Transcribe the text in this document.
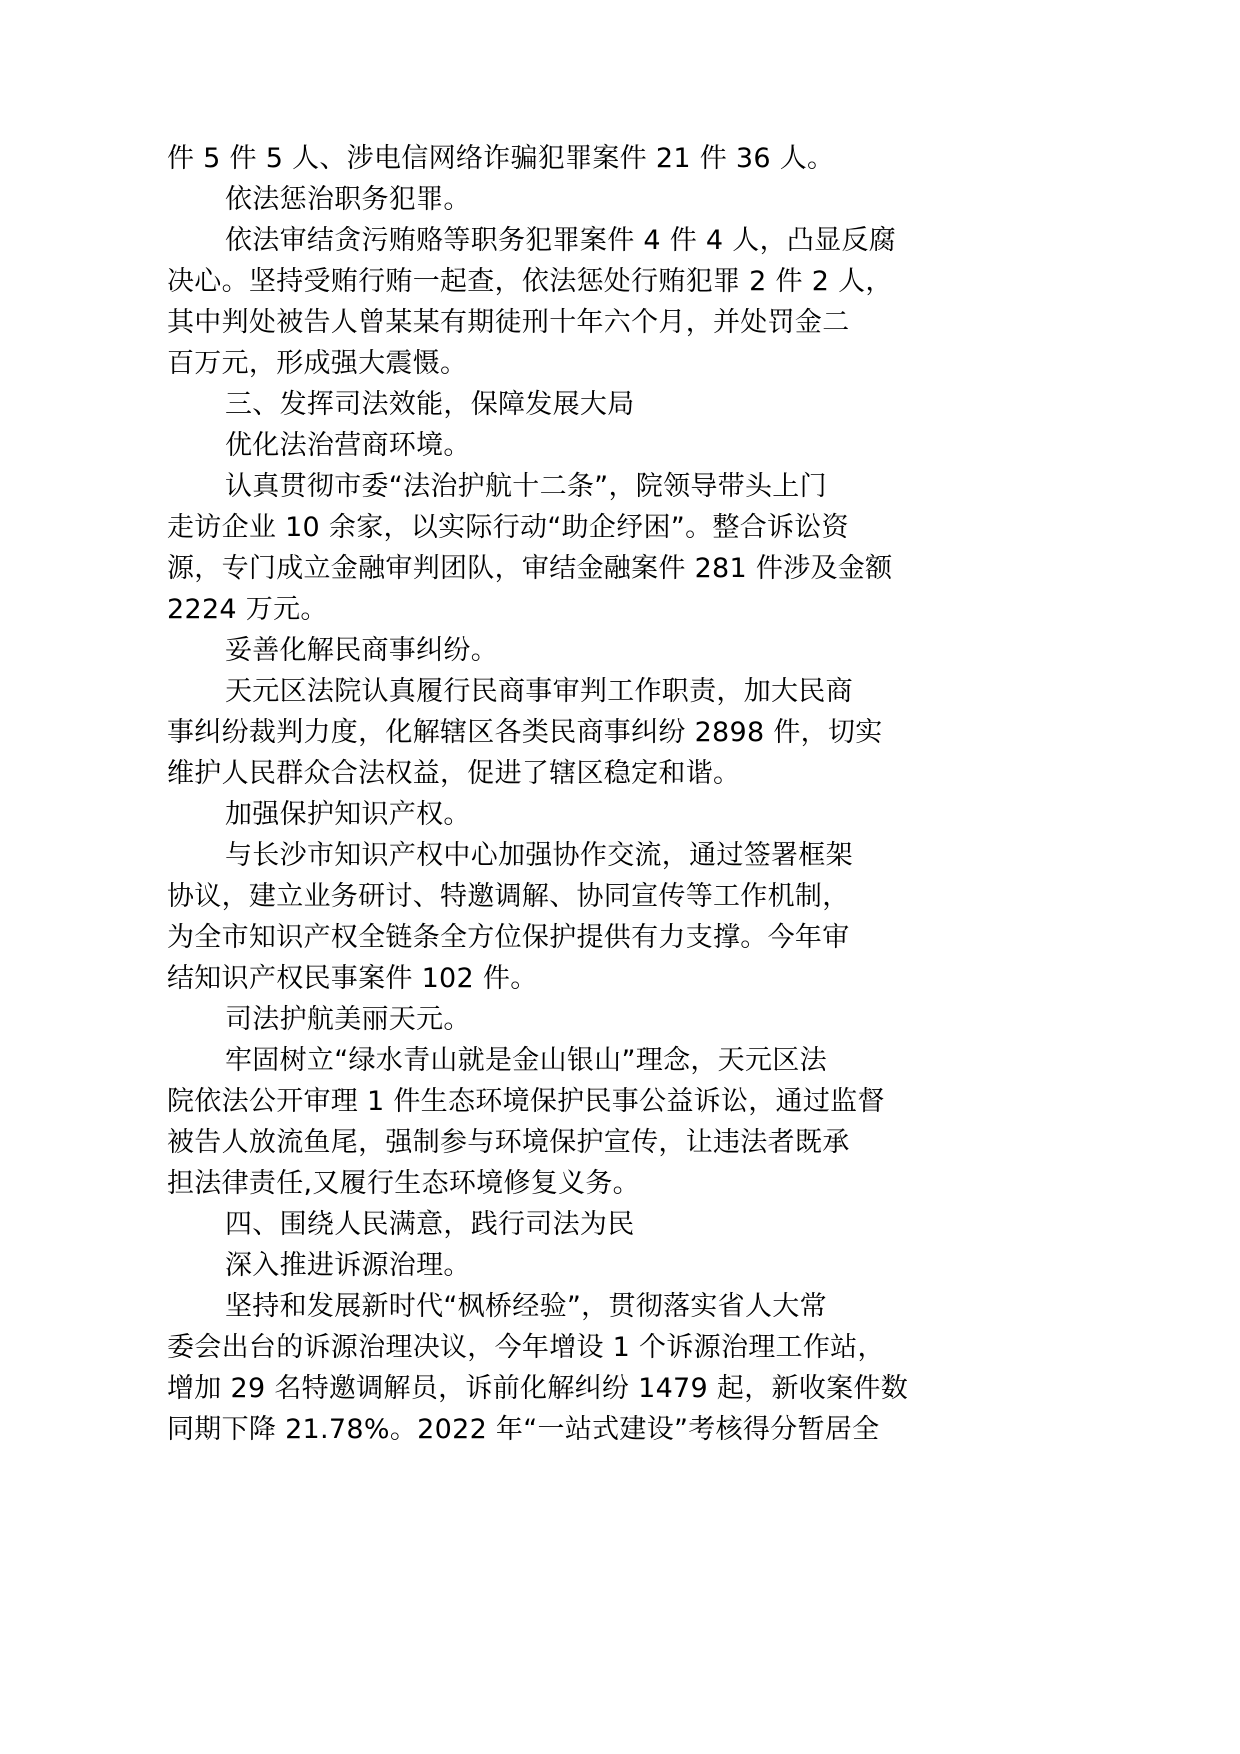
件 5 件 5 人、涉电信网络诈骗犯罪案件 21 件 36 人。
依法惩治职务犯罪。
依法审结贪污贿赂等职务犯罪案件 4 件 4 人，凸显反腐
决心。坚持受贿行贿一起查，依法惩处行贿犯罪 2 件 2 人，
其中判处被告人曾某某有期徒刑十年六个月，并处罚金二
百万元，形成强大震慑。
三、发挥司法效能，保障发展大局
优化法治营商环境。
认真贯彻市委“法治护航十二条”，院领导带头上门
走访企业 10 余家，以实际行动“助企纾困”。整合诉讼资
源，专门成立金融审判团队，审结金融案件 281 件涉及金额
2224 万元。
妥善化解民商事纠纷。
天元区法院认真履行民商事审判工作职责，加大民商
事纠纷裁判力度，化解辖区各类民商事纠纷 2898 件，切实
维护人民群众合法权益，促进了辖区稳定和谐。
加强保护知识产权。
与长沙市知识产权中心加强协作交流，通过签署框架
协议，建立业务研讨、特邀调解、协同宣传等工作机制，
为全市知识产权全链条全方位保护提供有力支撑。今年审
结知识产权民事案件 102 件。
司法护航美丽天元。
牢固树立“绿水青山就是金山银山”理念，天元区法
院依法公开审理 1 件生态环境保护民事公益诉讼，通过监督
被告人放流鱼尾，强制参与环境保护宣传，让违法者既承
担法律责任,又履行生态环境修复义务。
四、围绕人民满意，践行司法为民
深入推进诉源治理。
坚持和发展新时代“枫桥经验”，贯彻落实省人大常
委会出台的诉源治理决议，今年增设 1 个诉源治理工作站，
增加 29 名特邀调解员，诉前化解纠纷 1479 起，新收案件数
同期下降 21.78%。2022 年“一站式建设”考核得分暂居全
